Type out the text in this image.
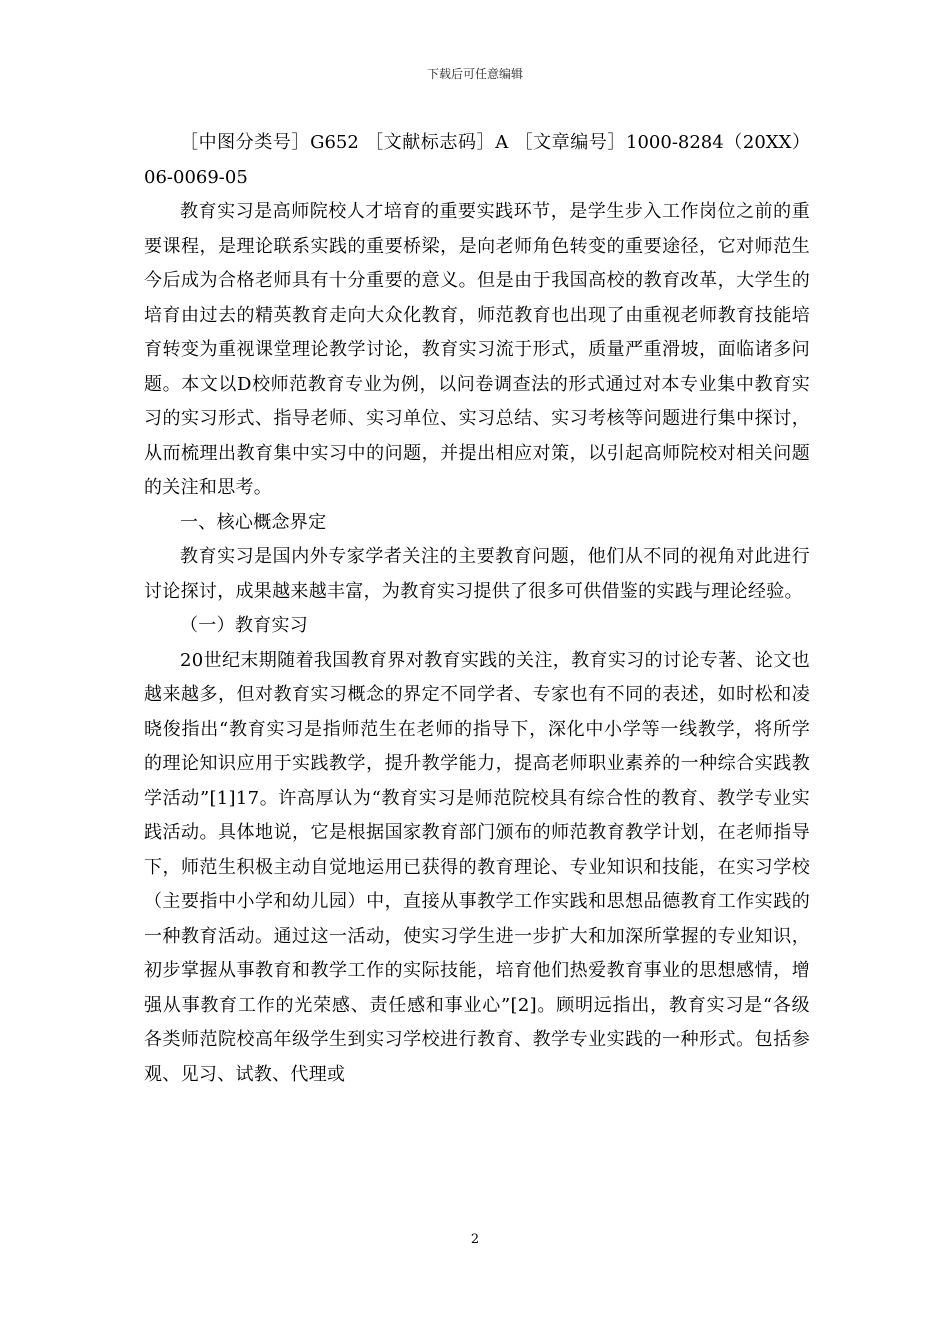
下载后可任意编辑

［中图分类号］G652 ［文献标志码］A ［文章编号］1000-8284（20XX）06-0069-05

教育实习是高师院校人才培育的重要实践环节，是学生步入工作岗位之前的重要课程，是理论联系实践的重要桥梁，是向老师角色转变的重要途径，它对师范生今后成为合格老师具有十分重要的意义。但是由于我国高校的教育改革，大学生的培育由过去的精英教育走向大众化教育，师范教育也出现了由重视老师教育技能培育转变为重视课堂理论教学讨论，教育实习流于形式，质量严重滑坡，面临诸多问题。本文以D校师范教育专业为例，以问卷调查法的形式通过对本专业集中教育实习的实习形式、指导老师、实习单位、实习总结、实习考核等问题进行集中探讨，从而梳理出教育集中实习中的问题，并提出相应对策，以引起高师院校对相关问题的关注和思考。

一、核心概念界定

教育实习是国内外专家学者关注的主要教育问题，他们从不同的视角对此进行讨论探讨，成果越来越丰富，为教育实习提供了很多可供借鉴的实践与理论经验。

（一）教育实习

20世纪末期随着我国教育界对教育实践的关注，教育实习的讨论专著、论文也越来越多，但对教育实习概念的界定不同学者、专家也有不同的表述，如时松和凌晓俊指出“教育实习是指师范生在老师的指导下，深化中小学等一线教学，将所学的理论知识应用于实践教学，提升教学能力，提高老师职业素养的一种综合实践教学活动”[1]17。许高厚认为“教育实习是师范院校具有综合性的教育、教学专业实践活动。具体地说，它是根据国家教育部门颁布的师范教育教学计划，在老师指导下，师范生积极主动自觉地运用已获得的教育理论、专业知识和技能，在实习学校（主要指中小学和幼儿园）中，直接从事教学工作实践和思想品德教育工作实践的一种教育活动。通过这一活动，使实习学生进一步扩大和加深所掌握的专业知识，初步掌握从事教育和教学工作的实际技能，培育他们热爱教育事业的思想感情，增强从事教育工作的光荣感、责任感和事业心”[2]。顾明远指出，教育实习是“各级各类师范院校高年级学生到实习学校进行教育、教学专业实践的一种形式。包括参观、见习、试教、代理或

2
